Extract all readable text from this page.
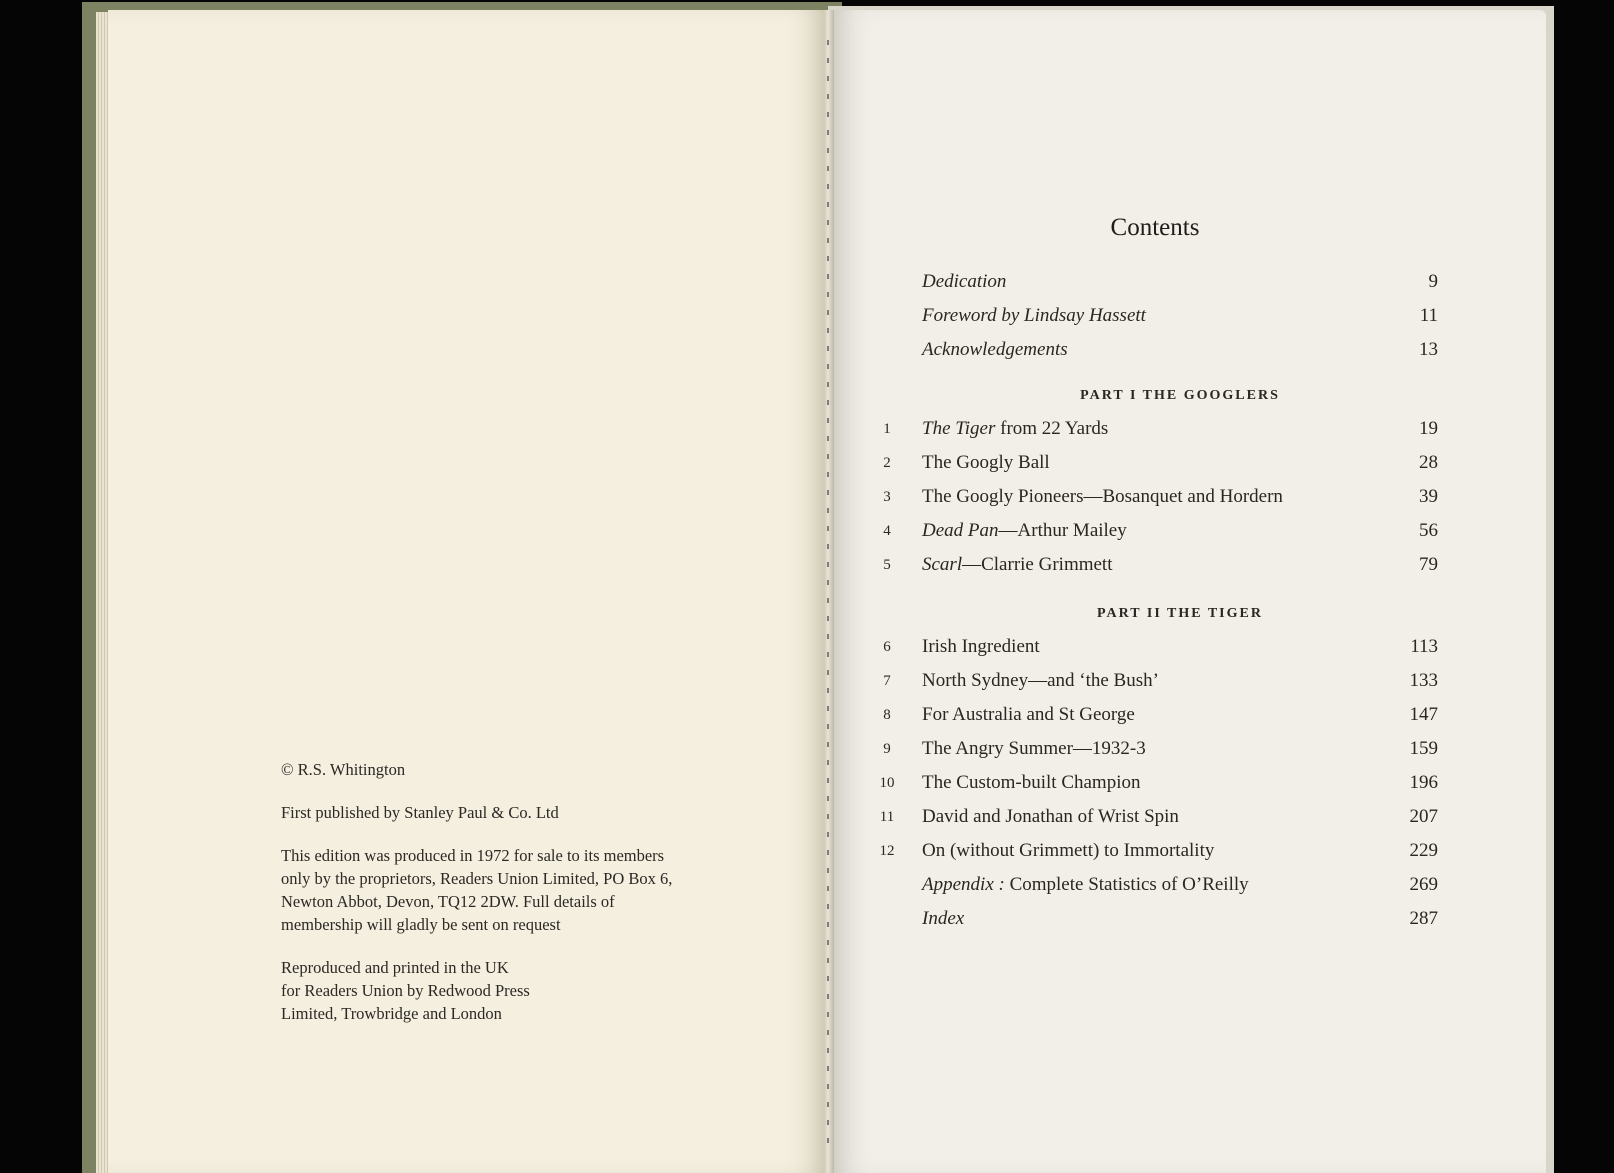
© R.S. Whitington

First published by Stanley Paul & Co. Ltd

This edition was produced in 1972 for sale to its members
only by the proprietors, Readers Union Limited, PO Box 6,
Newton Abbot, Devon, TQ12 2DW. Full details of
membership will gladly be sent on request

Reproduced and printed in the UK
for Readers Union by Redwood Press
Limited, Trowbridge and London

Contents
Dedication	9
Foreword by Lindsay Hassett	11
Acknowledgements	13
PART I THE GOOGLERS
1	The Tiger from 22 Yards	19
2	The Googly Ball	28
3	The Googly Pioneers—Bosanquet and Hordern	39
4	Dead Pan—Arthur Mailey	56
5	Scarl—Clarrie Grimmett	79
PART II THE TIGER
6	Irish Ingredient	113
7	North Sydney—and ‘the Bush’	133
8	For Australia and St George	147
9	The Angry Summer—1932-3	159
10	The Custom-built Champion	196
11	David and Jonathan of Wrist Spin	207
12	On (without Grimmett) to Immortality	229
Appendix : Complete Statistics of O’Reilly	269
Index	287
